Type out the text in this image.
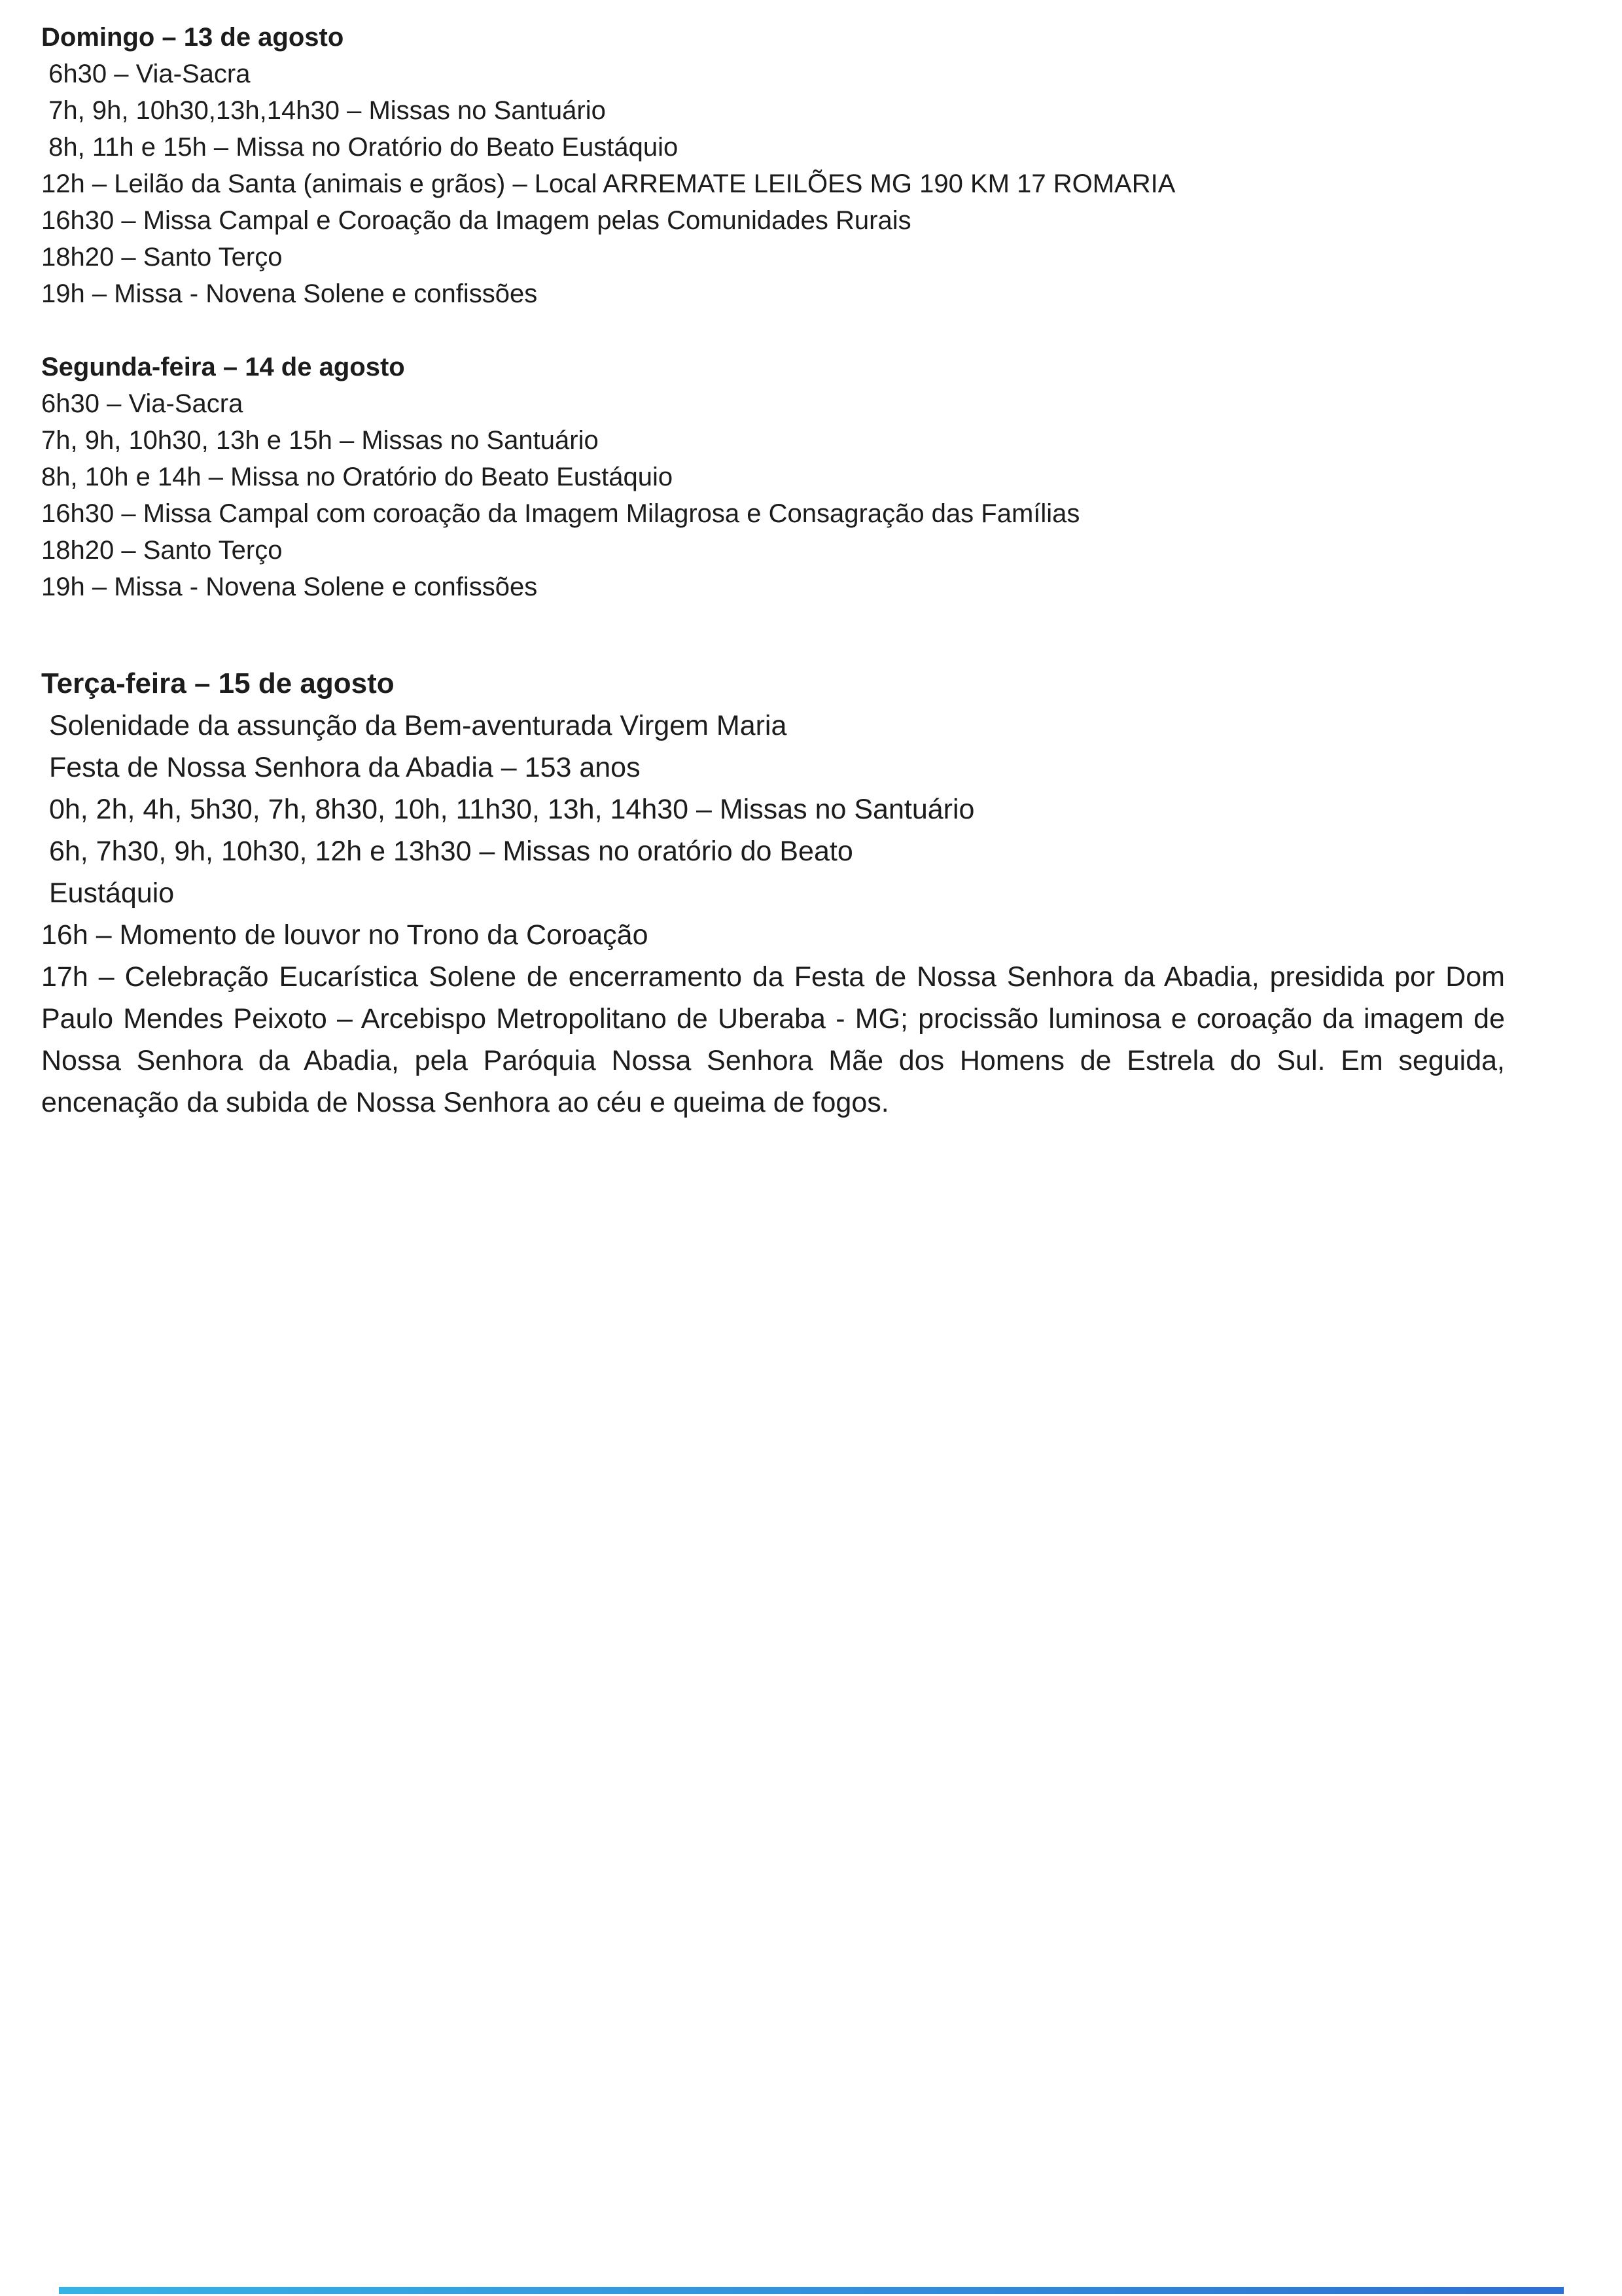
Domingo – 13 de agosto
6h30 – Via-Sacra
7h, 9h, 10h30,13h,14h30 – Missas no Santuário
8h, 11h e 15h – Missa no Oratório do Beato Eustáquio
12h – Leilão da Santa (animais e grãos) – Local ARREMATE LEILÕES MG 190 KM 17 ROMARIA
16h30 – Missa Campal e Coroação da Imagem pelas Comunidades Rurais
18h20 – Santo Terço
19h – Missa - Novena Solene e confissões
Segunda-feira – 14 de agosto
6h30 – Via-Sacra
7h, 9h, 10h30, 13h e 15h – Missas no Santuário
8h, 10h e 14h – Missa no Oratório do Beato Eustáquio
16h30 – Missa Campal com coroação da Imagem Milagrosa e Consagração das Famílias
18h20 – Santo Terço
19h – Missa - Novena Solene e confissões
Terça-feira – 15 de agosto
Solenidade da assunção da Bem-aventurada Virgem Maria
Festa de Nossa Senhora da Abadia – 153 anos
0h, 2h, 4h, 5h30, 7h, 8h30, 10h, 11h30, 13h, 14h30 – Missas no Santuário
6h, 7h30, 9h, 10h30, 12h e 13h30 – Missas no oratório do Beato
Eustáquio
16h – Momento de louvor no Trono da Coroação

17h – Celebração Eucarística Solene de encerramento da Festa de Nossa Senhora da Abadia, presidida por Dom Paulo Mendes Peixoto – Arcebispo Metropolitano de Uberaba - MG; procissão luminosa e coroação da imagem de Nossa Senhora da Abadia, pela Paróquia Nossa Senhora Mãe dos Homens de Estrela do Sul. Em seguida, encenação da subida de Nossa Senhora ao céu e queima de fogos.
